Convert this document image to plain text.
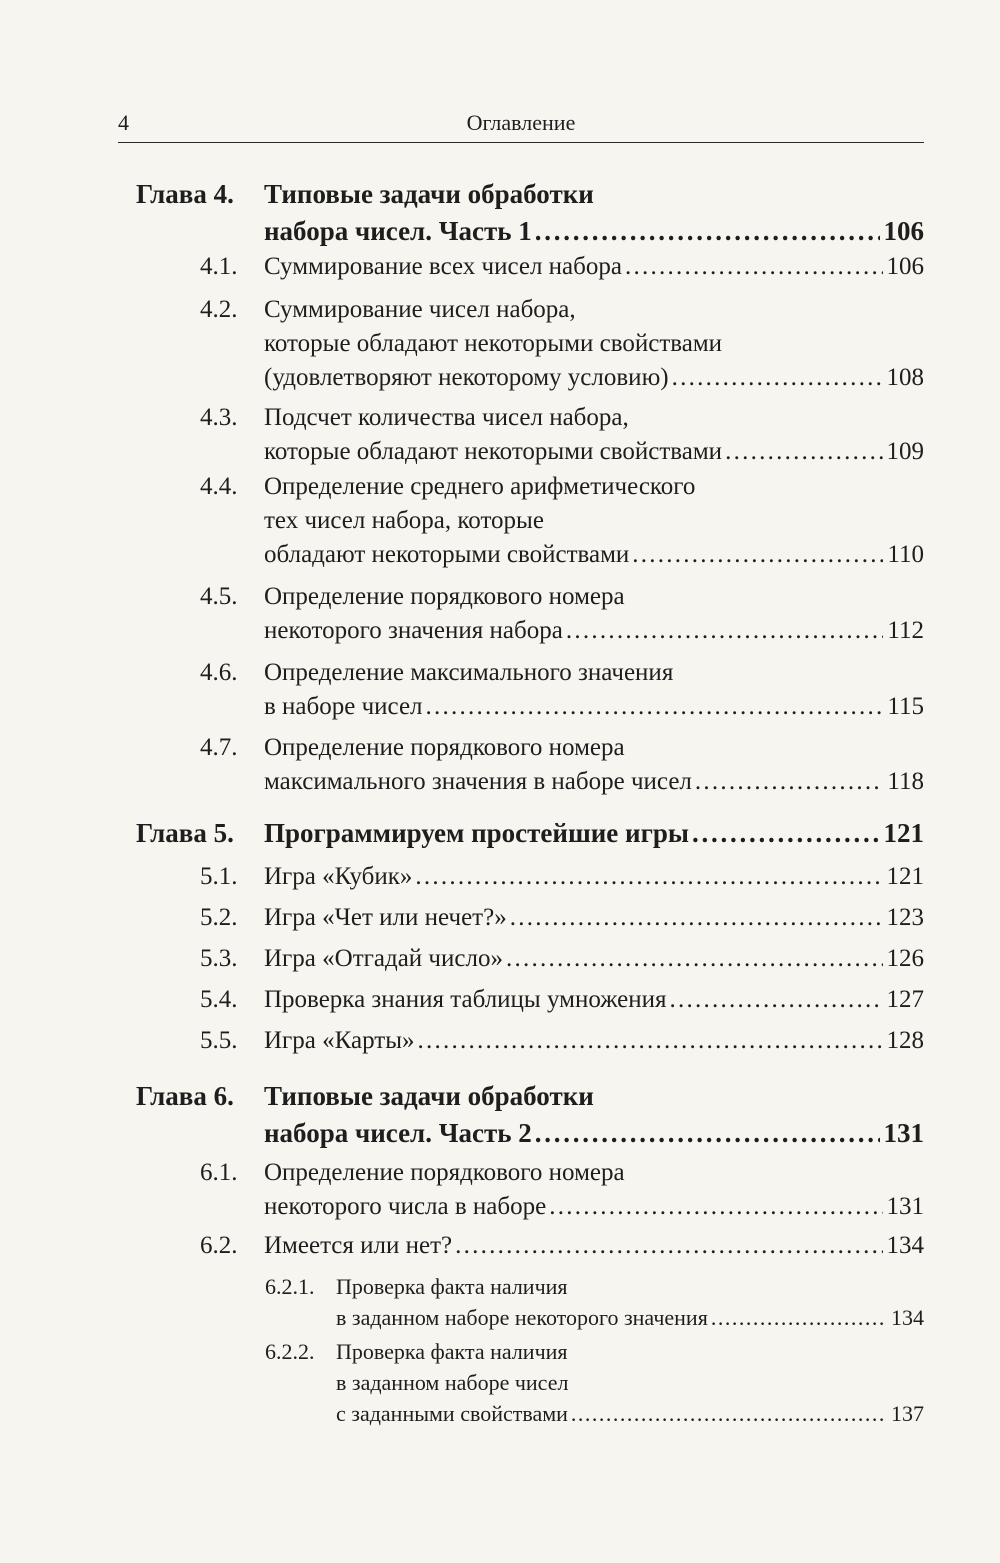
4	Оглавление
Глава 4. Типовые задачи обработки
набора чисел. Часть 1 . . .	106
4.1. Суммирование всех чисел набора . . .	106
4.2. Суммирование чисел набора,
которые обладают некоторыми свойствами
(удовлетворяют некоторому условию) . . .	108
4.3. Подсчет количества чисел набора,
которые обладают некоторыми свойствами . . .	109
4.4. Определение среднего арифметического
тех чисел набора, которые
обладают некоторыми свойствами . . .	110
4.5. Определение порядкового номера
некоторого значения набора . . .	112
4.6. Определение максимального значения
в наборе чисел . . .	115
4.7. Определение порядкового номера
максимального значения в наборе чисел . . .	118
Глава 5. Программируем простейшие игры . . .	121
5.1. Игра «Кубик» . . .	121
5.2. Игра «Чет или нечет?» . . .	123
5.3. Игра «Отгадай число» . . .	126
5.4. Проверка знания таблицы умножения . . .	127
5.5. Игра «Карты» . . .	128
Глава 6. Типовые задачи обработки
набора чисел. Часть 2 . . .	131
6.1. Определение порядкового номера
некоторого числа в наборе . . .	131
6.2. Имеется или нет? . . .	134
6.2.1. Проверка факта наличия
в заданном наборе некоторого значения . . .	134
6.2.2. Проверка факта наличия
в заданном наборе чисел
с заданными свойствами . . .	137
